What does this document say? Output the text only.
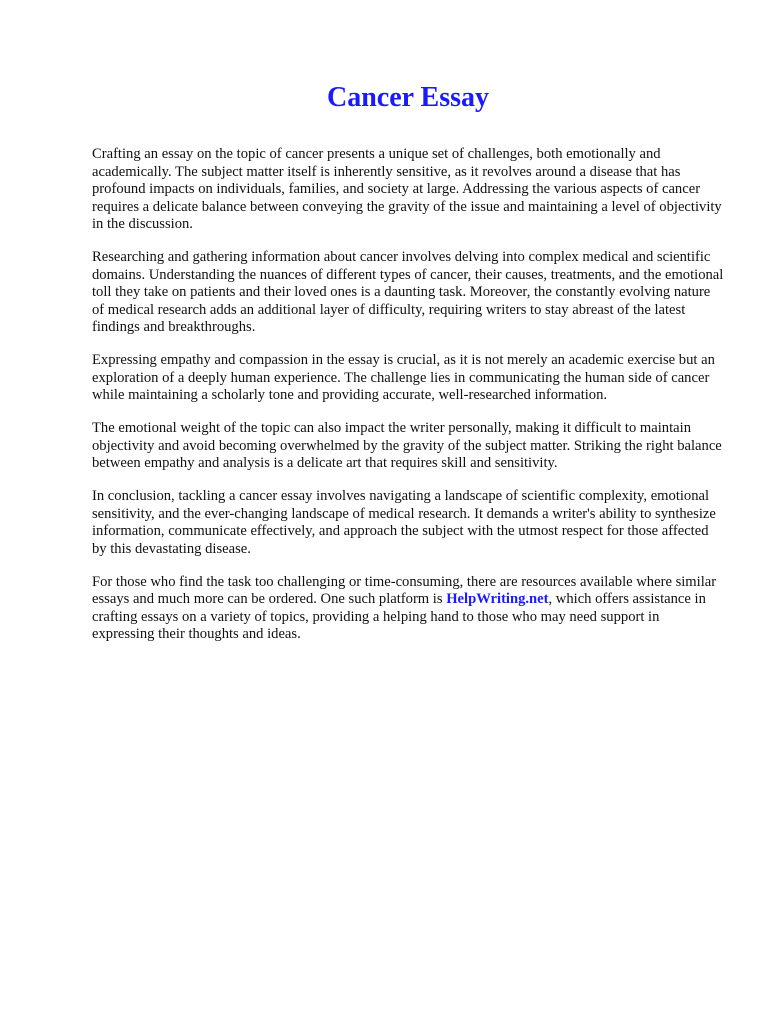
Cancer Essay

Crafting an essay on the topic of cancer presents a unique set of challenges, both emotionally and academically. The subject matter itself is inherently sensitive, as it revolves around a disease that has profound impacts on individuals, families, and society at large. Addressing the various aspects of cancer requires a delicate balance between conveying the gravity of the issue and maintaining a level of objectivity in the discussion.

Researching and gathering information about cancer involves delving into complex medical and scientific domains. Understanding the nuances of different types of cancer, their causes, treatments, and the emotional toll they take on patients and their loved ones is a daunting task. Moreover, the constantly evolving nature of medical research adds an additional layer of difficulty, requiring writers to stay abreast of the latest findings and breakthroughs.

Expressing empathy and compassion in the essay is crucial, as it is not merely an academic exercise but an exploration of a deeply human experience. The challenge lies in communicating the human side of cancer while maintaining a scholarly tone and providing accurate, well-researched information.

The emotional weight of the topic can also impact the writer personally, making it difficult to maintain objectivity and avoid becoming overwhelmed by the gravity of the subject matter. Striking the right balance between empathy and analysis is a delicate art that requires skill and sensitivity.

In conclusion, tackling a cancer essay involves navigating a landscape of scientific complexity, emotional sensitivity, and the ever-changing landscape of medical research. It demands a writer's ability to synthesize information, communicate effectively, and approach the subject with the utmost respect for those affected by this devastating disease.

For those who find the task too challenging or time-consuming, there are resources available where similar essays and much more can be ordered. One such platform is HelpWriting.net, which offers assistance in crafting essays on a variety of topics, providing a helping hand to those who may need support in expressing their thoughts and ideas.
